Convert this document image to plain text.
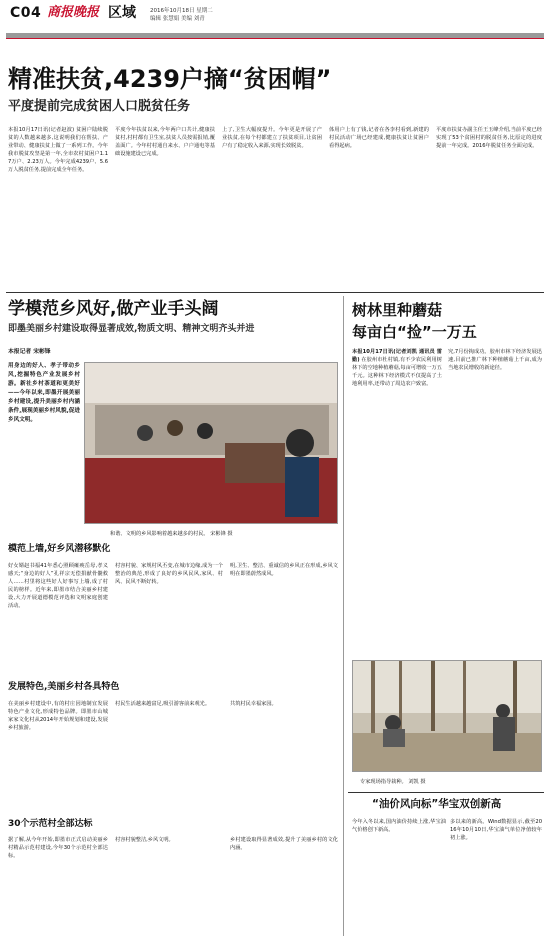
C04 商报晚报 区域	2016年10月18日 星期二
编辑 张慧娟 美编 刘青
精准扶贫,4239户摘“贫困帽”
平度提前完成贫困人口脱贫任务
本报10月17日讯(记者赵波) 贫困户陆续脱贫的人数越来越多,这说明我们在帮扶、产业带动、健康扶贫上做了一系列工作。今年我市脱贫攻坚是第一年,全市农村贫困户1.17万户、2.23万人。今年完成4239户、5.6万人脱贫任务,提前完成全年任务。
平度今年扶贫以来,今年两户口共计,健康扶贫村,村村都有卫生室,扶贫人员按需报销,覆盖面广。今年村村通自来水、户户通电等基础设施建设已完成。
上了,卫生大幅度提升。今年更是开展了产业扶贫,在每个村都建立了扶贫项目,让贫困户有了稳定收入来源,实现长效脱贫。
体用户上有了钱,记者在各李村看到,新建的村民活动广场已经建成,健康扶贫让贫困户看得起病。
平度市扶贫办副主任王玉峰介绍,当前平度已经实现了53个贫困村的脱贫任务,比原定的进度提前一年完成。2016年脱贫任务全面完成。
学模范乡风好,做产业手头阔
即墨美丽乡村建设取得显著成效,物质文明、精神文明齐头并进
本报记者 宋彬锋
用身边的好人、孝子带动乡风,挖掘特色产业发展乡村游。新社乡村茶道和更美好——今年以来,即墨开展美丽乡村建设,提升美丽乡村内涵条件,展现美丽乡村风貌,促进乡风文明。
和谐、文明的乡风影响着越来越多的村民。 宋彬锋 摄
模范上墙,好乡风潜移默化
好女婿赵书福41年悉心照顾瘫痪岳母,孝义感天;“身边的好人”孔祥宗无偿捐献骨髓救人……村里将这些好人好事写上墙,成了村民的榜样。近年来,即墨市结合美丽乡村建设,大力开展道德模范评选和文明家庭创建活动。
村容村貌、家规村风丕变,在城市边缘,成为一个整治的典范,形成了良好的乡风民风,家风、村风、民风不断好转。
明,卫生、整洁、重诚信的乡风正在形成,乡风文明在即墨蔚然成风。
发展特色,美丽乡村各具特色
在美丽乡村建设中,有的村庄因地制宜发展特色产业文化,形成特色品牌。即墨市山城家家文化村从2014年开始规划和建设,发展乡村旅游。
村民生活越来越富足,吸引游客前来观光。	共筑村民幸福家园。
30个示范村全部达标
据了解,从今年开始,即墨市正式启动美丽乡村精品示范村建设,今年30个示范村全部达标。
村容村貌整洁,乡风文明。	乡村建设取得显著成效,提升了美丽乡村的文化内涵。
树林里种蘑菇
每亩白“捡”一万五
本报10月17日讯(记者刘凯 通讯员 雷勤) 在胶州市杜村镇,有不少农民利用树林下的空地种植蘑菇,每亩可增收一万五千元。这种林下经济模式不仅提高了土地利用率,还带动了周边农户致富。
究,7月份掏成功。胶州市林下经济发展迅速,目前已推广林下种植蘑菇上千亩,成为当地农民增收的新途径。
专家现场指导栽种。 刘凯 摄
“油价风向标”华宝双创新高
今年入冬以来,国内油价持续上涨,华宝油气价格创下新高。
多以来的新高。Wind数据显示,截至2016年10月10日,华宝油气单位净值较年初上涨。
